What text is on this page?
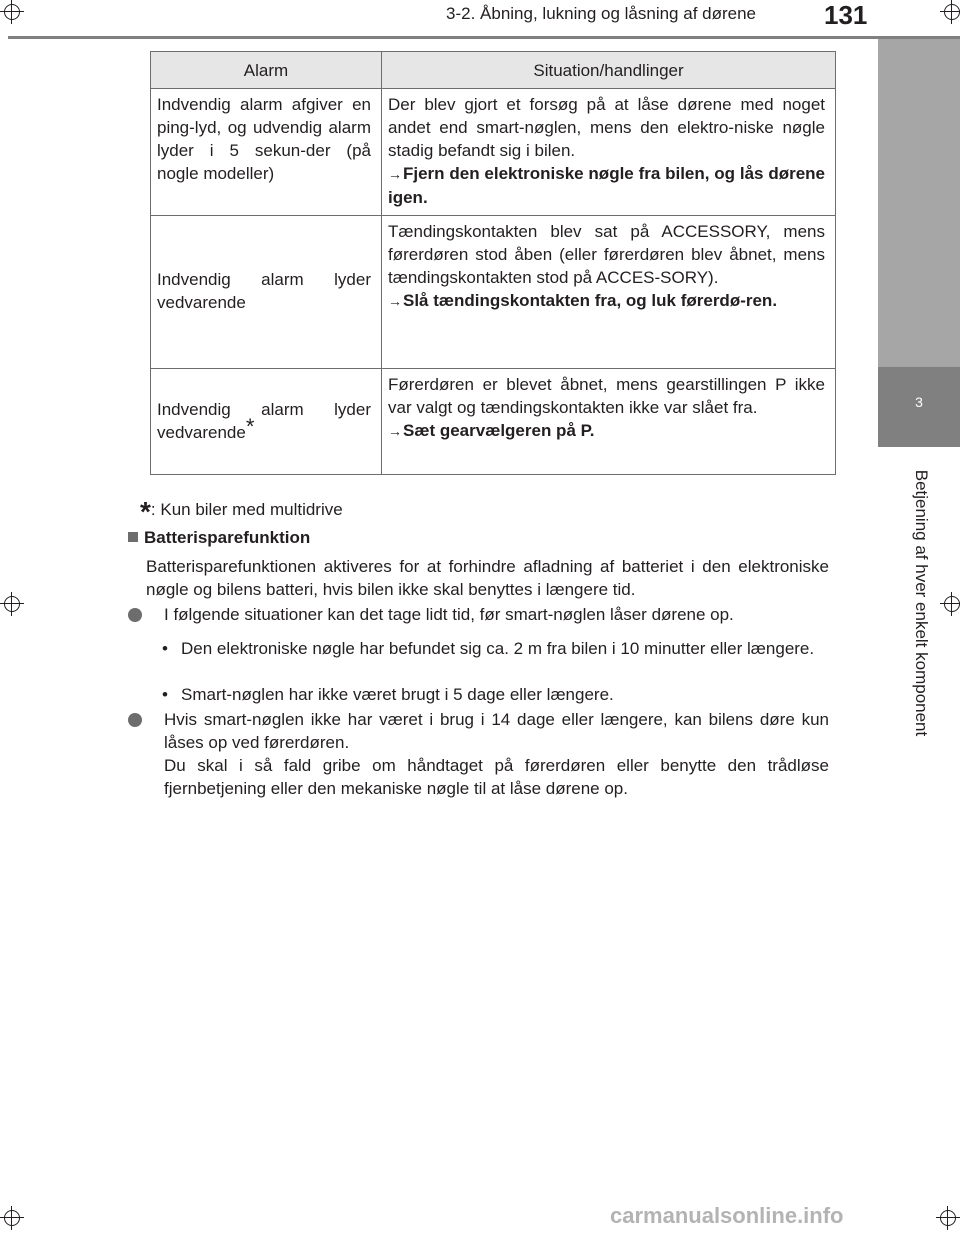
3-2. Åbning, lukning og låsning af dørene	131
3
Betjening af hver enkelt komponent
Alarm	Situation/handlinger
Indvendig alarm afgiver en ping-lyd, og udvendig alarm lyder i 5 sekun-der (på nogle modeller)	Der blev gjort et forsøg på at låse dørene med noget andet end smart-nøglen, mens den elektro-niske nøgle stadig befandt sig i bilen.
→Fjern den elektroniske nøgle fra bilen, og lås dørene igen.

Indvendig alarm lyder vedvarende	Tændingskontakten blev sat på ACCESSORY, mens førerdøren stod åben (eller førerdøren blev åbnet, mens tændingskontakten stod på ACCES-SORY).
→Slå tændingskontakten fra, og luk førerdø-ren.

Indvendig alarm lyder vedvarende*	Førerdøren er blevet åbnet, mens gearstillingen P ikke var valgt og tændingskontakten ikke var slået fra.
→Sæt gearvælgeren på P.
*: Kun biler med multidrive
Batterisparefunktion
Batterisparefunktionen aktiveres for at forhindre afladning af batteriet i den elektroniske nøgle og bilens batteri, hvis bilen ikke skal benyttes i længere tid.
I følgende situationer kan det tage lidt tid, før smart-nøglen låser dørene op.
• Den elektroniske nøgle har befundet sig ca. 2 m fra bilen i 10 minutter eller længere.
• Smart-nøglen har ikke været brugt i 5 dage eller længere.
Hvis smart-nøglen ikke har været i brug i 14 dage eller længere, kan bilens døre kun låses op ved førerdøren.
Du skal i så fald gribe om håndtaget på førerdøren eller benytte den trådløse fjernbetjening eller den mekaniske nøgle til at låse dørene op.
carmanualsonline.info
